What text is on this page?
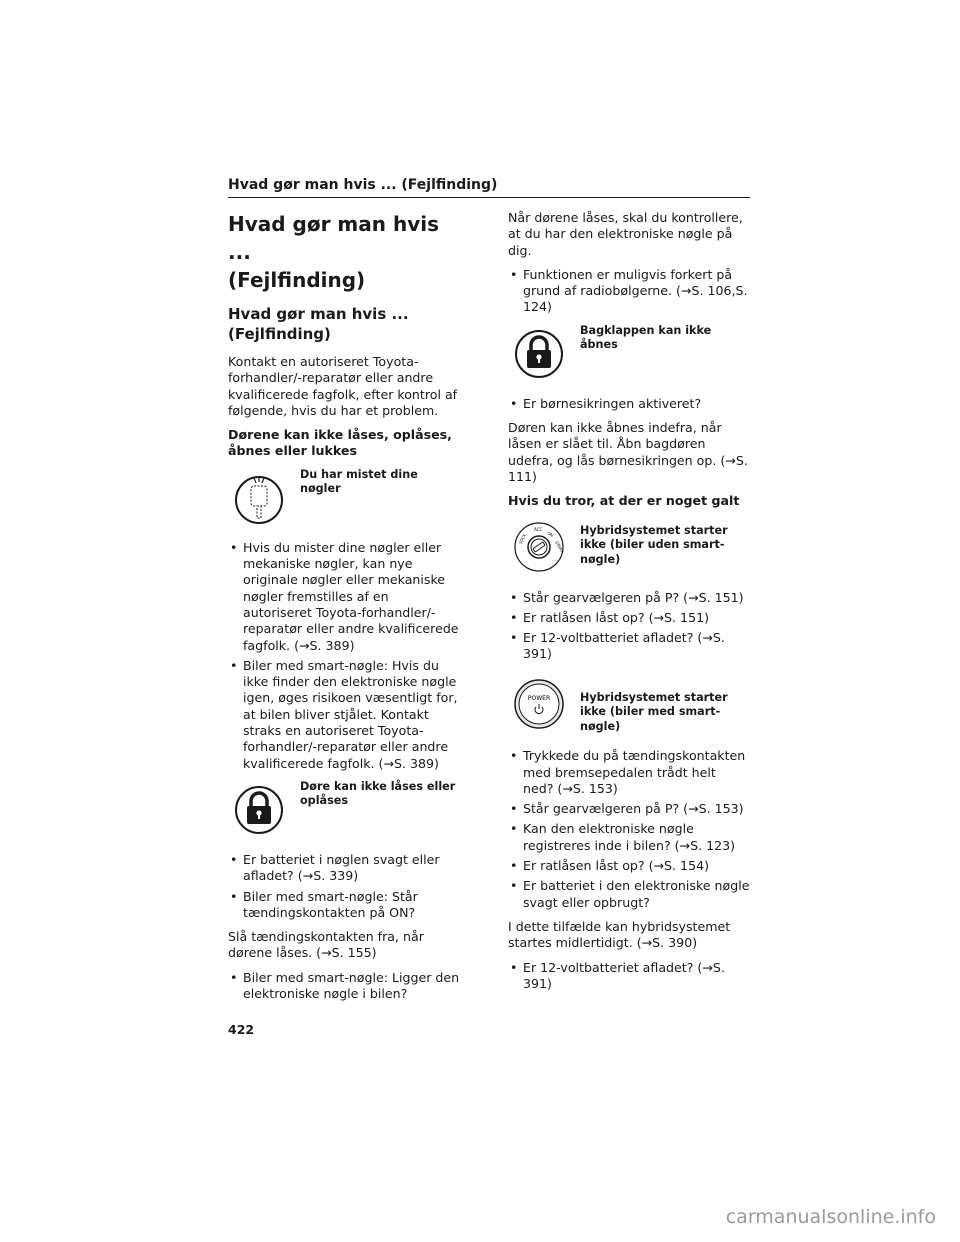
Hvad gør man hvis ... (Fejlfinding)
Hvad gør man hvis ...
(Fejlfinding)
Hvad gør man hvis ... (Fejlfinding)

Kontakt en autoriseret Toyota-forhandler/-reparatør eller andre kvalificerede fagfolk, efter kontrol af følgende, hvis du har et problem.

Dørene kan ikke låses, oplåses, åbnes eller lukkes

Du har mistet dine nøgler
• Hvis du mister dine nøgler eller mekaniske nøgler, kan nye originale nøgler eller mekaniske nøgler fremstilles af en autoriseret Toyota-forhandler/-reparatør eller andre kvalificerede fagfolk. (→S. 389)
• Biler med smart-nøgle: Hvis du ikke finder den elektroniske nøgle igen, øges risikoen væsentligt for, at bilen bliver stjålet. Kontakt straks en autoriseret Toyota-forhandler/-reparatør eller andre kvalificerede fagfolk. (→S. 389)
Døre kan ikke låses eller oplåses
• Er batteriet i nøglen svagt eller afladet? (→S. 339)
• Biler med smart-nøgle: Står tændingskontakten på ON?

Slå tændingskontakten fra, når dørene låses. (→S. 155)

• Biler med smart-nøgle: Ligger den elektroniske nøgle i bilen?

Når dørene låses, skal du kontrollere, at du har den elektroniske nøgle på dig.

• Funktionen er muligvis forkert på grund af radiobølgerne. (→S. 106,S. 124)
Bagklappen kan ikke åbnes
• Er børnesikringen aktiveret?

Døren kan ikke åbnes indefra, når låsen er slået til. Åbn bagdøren udefra, og lås børnesikringen op. (→S. 111)

Hvis du tror, at der er noget galt

LOCK
ACC
ON
START
Hybridsystemet starter ikke (biler uden smart-nøgle)
• Står gearvælgeren på P? (→S. 151)
• Er ratlåsen låst op? (→S. 151)
• Er 12-voltbatteriet afladet? (→S. 391)
POWER	Hybridsystemet starter ikke (biler med smart-nøgle)
• Trykkede du på tændingskontakten med bremsepedalen trådt helt ned? (→S. 153)
• Står gearvælgeren på P? (→S. 153)
• Kan den elektroniske nøgle registreres inde i bilen? (→S. 123)
• Er ratlåsen låst op? (→S. 154)
• Er batteriet i den elektroniske nøgle svagt eller opbrugt?

I dette tilfælde kan hybridsystemet startes midlertidigt. (→S. 390)

• Er 12-voltbatteriet afladet? (→S. 391)
422
carmanualsonline.info
